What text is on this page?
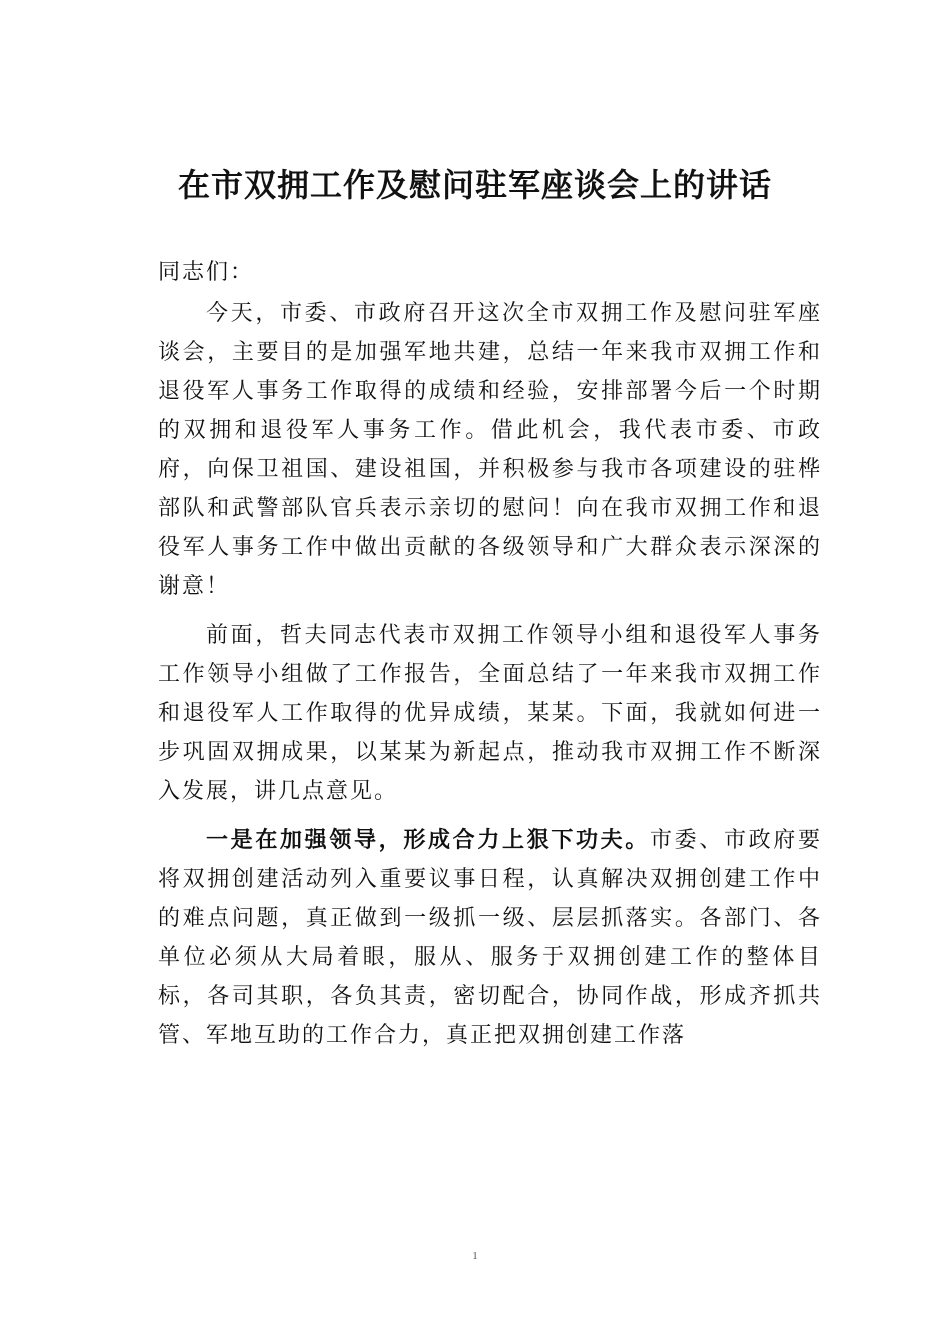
在市双拥工作及慰问驻军座谈会上的讲话

同志们：

今天，市委、市政府召开这次全市双拥工作及慰问驻军座谈会，主要目的是加强军地共建，总结一年来我市双拥工作和退役军人事务工作取得的成绩和经验，安排部署今后一个时期的双拥和退役军人事务工作。借此机会，我代表市委、市政府，向保卫祖国、建设祖国，并积极参与我市各项建设的驻桦部队和武警部队官兵表示亲切的慰问！向在我市双拥工作和退役军人事务工作中做出贡献的各级领导和广大群众表示深深的谢意！

前面，哲夫同志代表市双拥工作领导小组和退役军人事务工作领导小组做了工作报告，全面总结了一年来我市双拥工作和退役军人工作取得的优异成绩，某某。下面，我就如何进一步巩固双拥成果，以某某为新起点，推动我市双拥工作不断深入发展，讲几点意见。

一是在加强领导，形成合力上狠下功夫。市委、市政府要将双拥创建活动列入重要议事日程，认真解决双拥创建工作中的难点问题，真正做到一级抓一级、层层抓落实。各部门、各单位必须从大局着眼，服从、服务于双拥创建工作的整体目标，各司其职，各负其责，密切配合，协同作战，形成齐抓共管、军地互助的工作合力，真正把双拥创建工作落

1
